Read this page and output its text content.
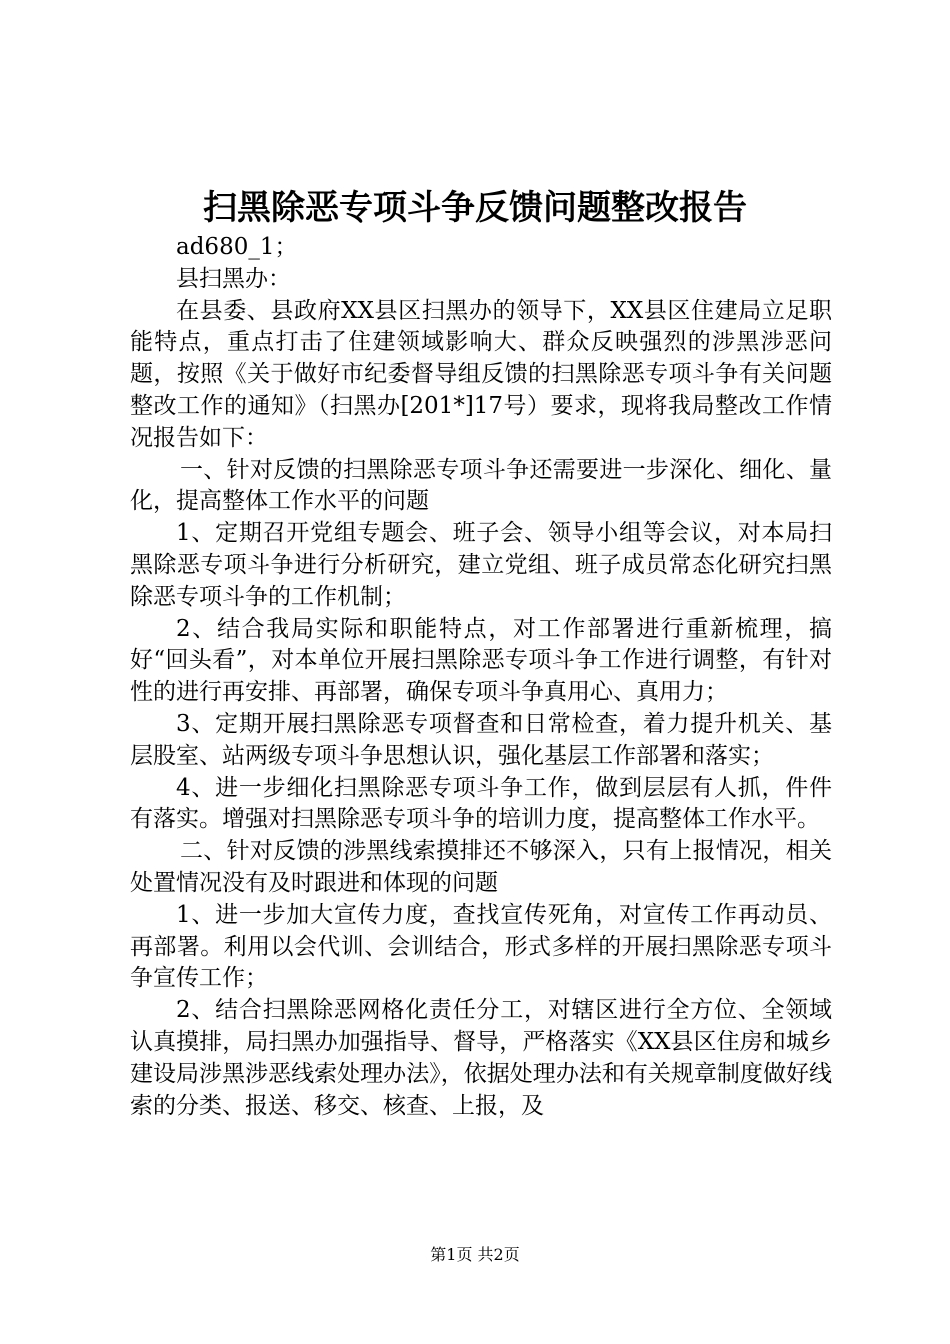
扫黑除恶专项斗争反馈问题整改报告

ad680_1；

县扫黑办：

在县委、县政府XX县区扫黑办的领导下，XX县区住建局立足职能特点，重点打击了住建领域影响大、群众反映强烈的涉黑涉恶问题，按照《关于做好市纪委督导组反馈的扫黑除恶专项斗争有关问题整改工作的通知》（扫黑办[201*]17号）要求，现将我局整改工作情况报告如下：

一、针对反馈的扫黑除恶专项斗争还需要进一步深化、细化、量化，提高整体工作水平的问题

1、定期召开党组专题会、班子会、领导小组等会议，对本局扫黑除恶专项斗争进行分析研究，建立党组、班子成员常态化研究扫黑除恶专项斗争的工作机制；

2、结合我局实际和职能特点，对工作部署进行重新梳理，搞好“回头看”，对本单位开展扫黑除恶专项斗争工作进行调整，有针对性的进行再安排、再部署，确保专项斗争真用心、真用力；

3、定期开展扫黑除恶专项督查和日常检查，着力提升机关、基层股室、站两级专项斗争思想认识，强化基层工作部署和落实；

4、进一步细化扫黑除恶专项斗争工作，做到层层有人抓，件件有落实。增强对扫黑除恶专项斗争的培训力度，提高整体工作水平。

二、针对反馈的涉黑线索摸排还不够深入，只有上报情况，相关处置情况没有及时跟进和体现的问题

1、进一步加大宣传力度，查找宣传死角，对宣传工作再动员、再部署。利用以会代训、会训结合，形式多样的开展扫黑除恶专项斗争宣传工作；

2、结合扫黑除恶网格化责任分工，对辖区进行全方位、全领域认真摸排，局扫黑办加强指导、督导，严格落实《XX县区住房和城乡建设局涉黑涉恶线索处理办法》，依据处理办法和有关规章制度做好线索的分类、报送、移交、核查、上报，及

第1页 共2页
